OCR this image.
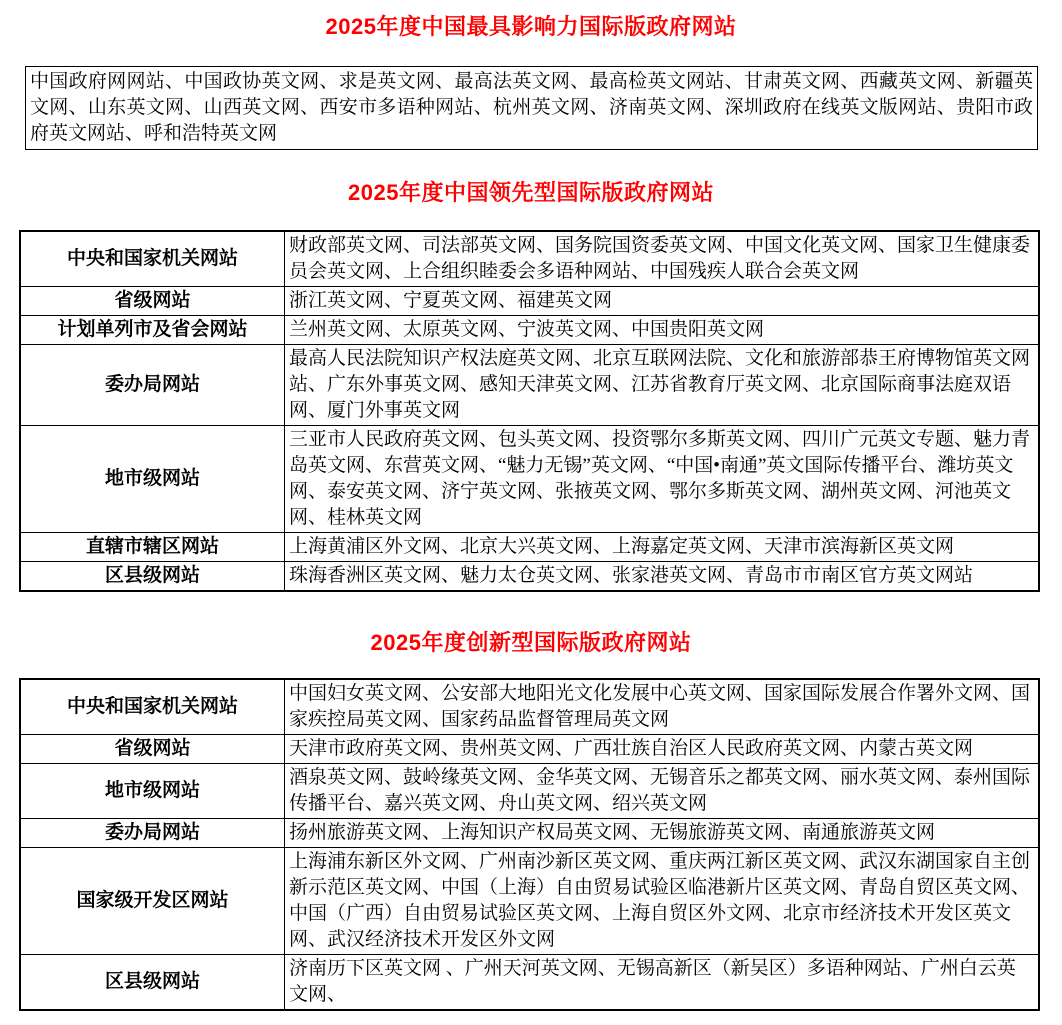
2025年度中国最具影响力国际版政府网站
中国政府网网站、中国政协英文网、求是英文网、最高法英文网、最高检英文网站、甘肃英文网、西藏英文网、新疆英文网、山东英文网、山西英文网、西安市多语种网站、杭州英文网、济南英文网、深圳政府在线英文版网站、贵阳市政府英文网站、呼和浩特英文网
2025年度中国领先型国际版政府网站
中央和国家机关网站	财政部英文网、司法部英文网、国务院国资委英文网、中国文化英文网、国家卫生健康委员会英文网、上合组织睦委会多语种网站、中国残疾人联合会英文网
省级网站	浙江英文网、宁夏英文网、福建英文网
计划单列市及省会网站	兰州英文网、太原英文网、宁波英文网、中国贵阳英文网
委办局网站	最高人民法院知识产权法庭英文网、北京互联网法院、文化和旅游部恭王府博物馆英文网站、广东外事英文网、感知天津英文网、江苏省教育厅英文网、北京国际商事法庭双语网、厦门外事英文网
地市级网站	三亚市人民政府英文网、包头英文网、投资鄂尔多斯英文网、四川广元英文专题、魅力青岛英文网、东营英文网、“魅力无锡”英文网、“中国•南通”英文国际传播平台、潍坊英文网、泰安英文网、济宁英文网、张掖英文网、鄂尔多斯英文网、湖州英文网、河池英文网、桂林英文网
直辖市辖区网站	上海黄浦区外文网、北京大兴英文网、上海嘉定英文网、天津市滨海新区英文网
区县级网站	珠海香洲区英文网、魅力太仓英文网、张家港英文网、青岛市市南区官方英文网站
2025年度创新型国际版政府网站
中央和国家机关网站	中国妇女英文网、公安部大地阳光文化发展中心英文网、国家国际发展合作署外文网、国家疾控局英文网、国家药品监督管理局英文网
省级网站	天津市政府英文网、贵州英文网、广西壮族自治区人民政府英文网、内蒙古英文网
地市级网站	酒泉英文网、鼓岭缘英文网、金华英文网、无锡音乐之都英文网、丽水英文网、泰州国际传播平台、嘉兴英文网、舟山英文网、绍兴英文网
委办局网站	扬州旅游英文网、上海知识产权局英文网、无锡旅游英文网、南通旅游英文网
国家级开发区网站	上海浦东新区外文网、广州南沙新区英文网、重庆两江新区英文网、武汉东湖国家自主创新示范区英文网、中国（上海）自由贸易试验区临港新片区英文网、青岛自贸区英文网、中国（广西）自由贸易试验区英文网、上海自贸区外文网、北京市经济技术开发区英文网、武汉经济技术开发区外文网
区县级网站	济南历下区英文网 、广州天河英文网、无锡高新区（新吴区）多语种网站、广州白云英文网、
